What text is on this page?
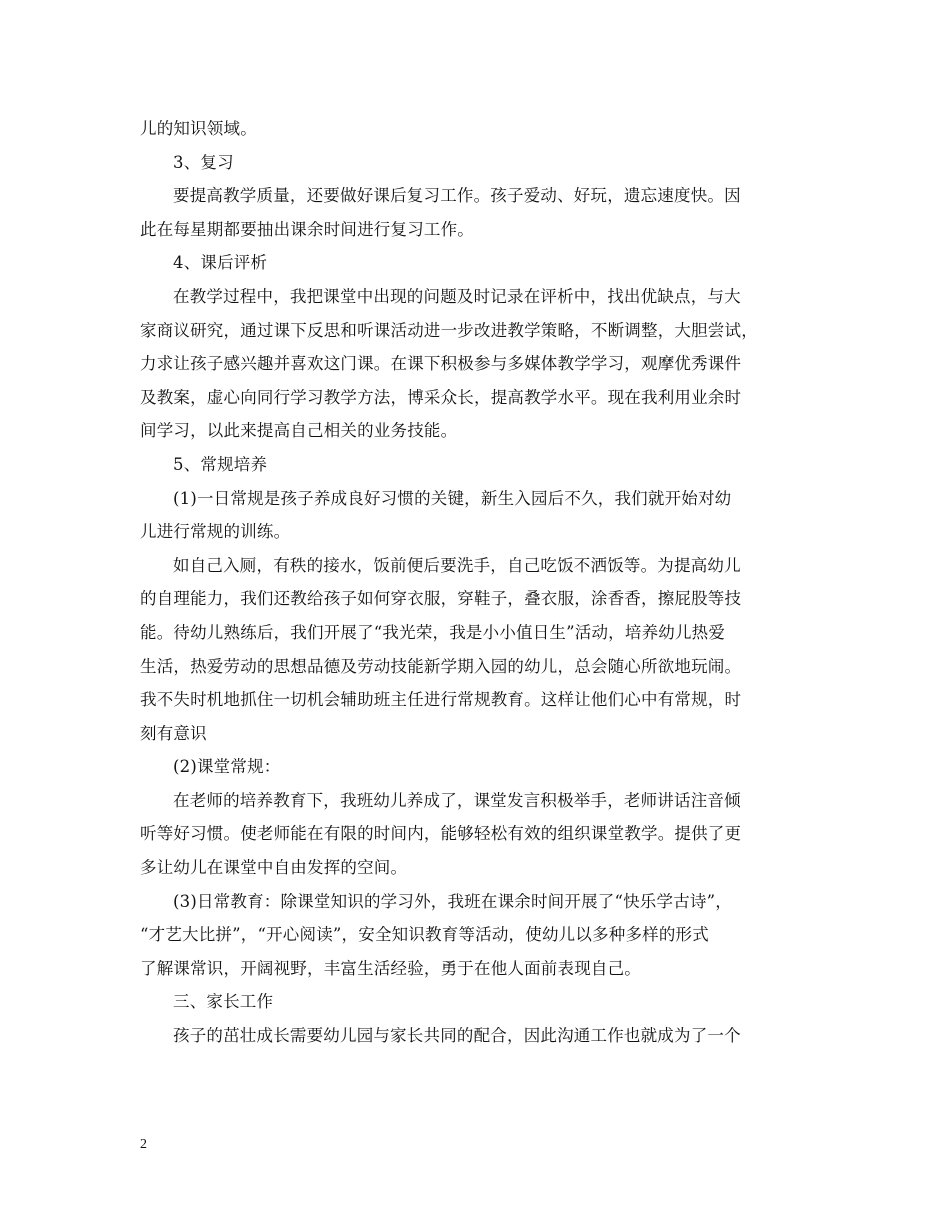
儿的知识领域。
3、复习
要提高教学质量，还要做好课后复习工作。孩子爱动、好玩，遗忘速度快。因
此在每星期都要抽出课余时间进行复习工作。
4、课后评析
在教学过程中，我把课堂中出现的问题及时记录在评析中，找出优缺点，与大
家商议研究，通过课下反思和听课活动进一步改进教学策略，不断调整，大胆尝试，
力求让孩子感兴趣并喜欢这门课。在课下积极参与多媒体教学学习，观摩优秀课件
及教案，虚心向同行学习教学方法，博采众长，提高教学水平。现在我利用业余时
间学习，以此来提高自己相关的业务技能。
5、常规培养
(1)一日常规是孩子养成良好习惯的关键，新生入园后不久，我们就开始对幼
儿进行常规的训练。
如自己入厕，有秩的接水，饭前便后要洗手，自己吃饭不洒饭等。为提高幼儿
的自理能力，我们还教给孩子如何穿衣服，穿鞋子，叠衣服，涂香香，擦屁股等技
能。待幼儿熟练后，我们开展了“我光荣，我是小小值日生”活动，培养幼儿热爱
生活，热爱劳动的思想品德及劳动技能新学期入园的幼儿，总会随心所欲地玩闹。
我不失时机地抓住一切机会辅助班主任进行常规教育。这样让他们心中有常规，时
刻有意识
(2)课堂常规：
在老师的培养教育下，我班幼儿养成了，课堂发言积极举手，老师讲话注音倾
听等好习惯。使老师能在有限的时间内，能够轻松有效的组织课堂教学。提供了更
多让幼儿在课堂中自由发挥的空间。
(3)日常教育：除课堂知识的学习外，我班在课余时间开展了“快乐学古诗”，
“才艺大比拼”，“开心阅读”，安全知识教育等活动，使幼儿以多种多样的形式
了解课常识，开阔视野，丰富生活经验，勇于在他人面前表现自己。
三、家长工作
孩子的茁壮成长需要幼儿园与家长共同的配合，因此沟通工作也就成为了一个
2
